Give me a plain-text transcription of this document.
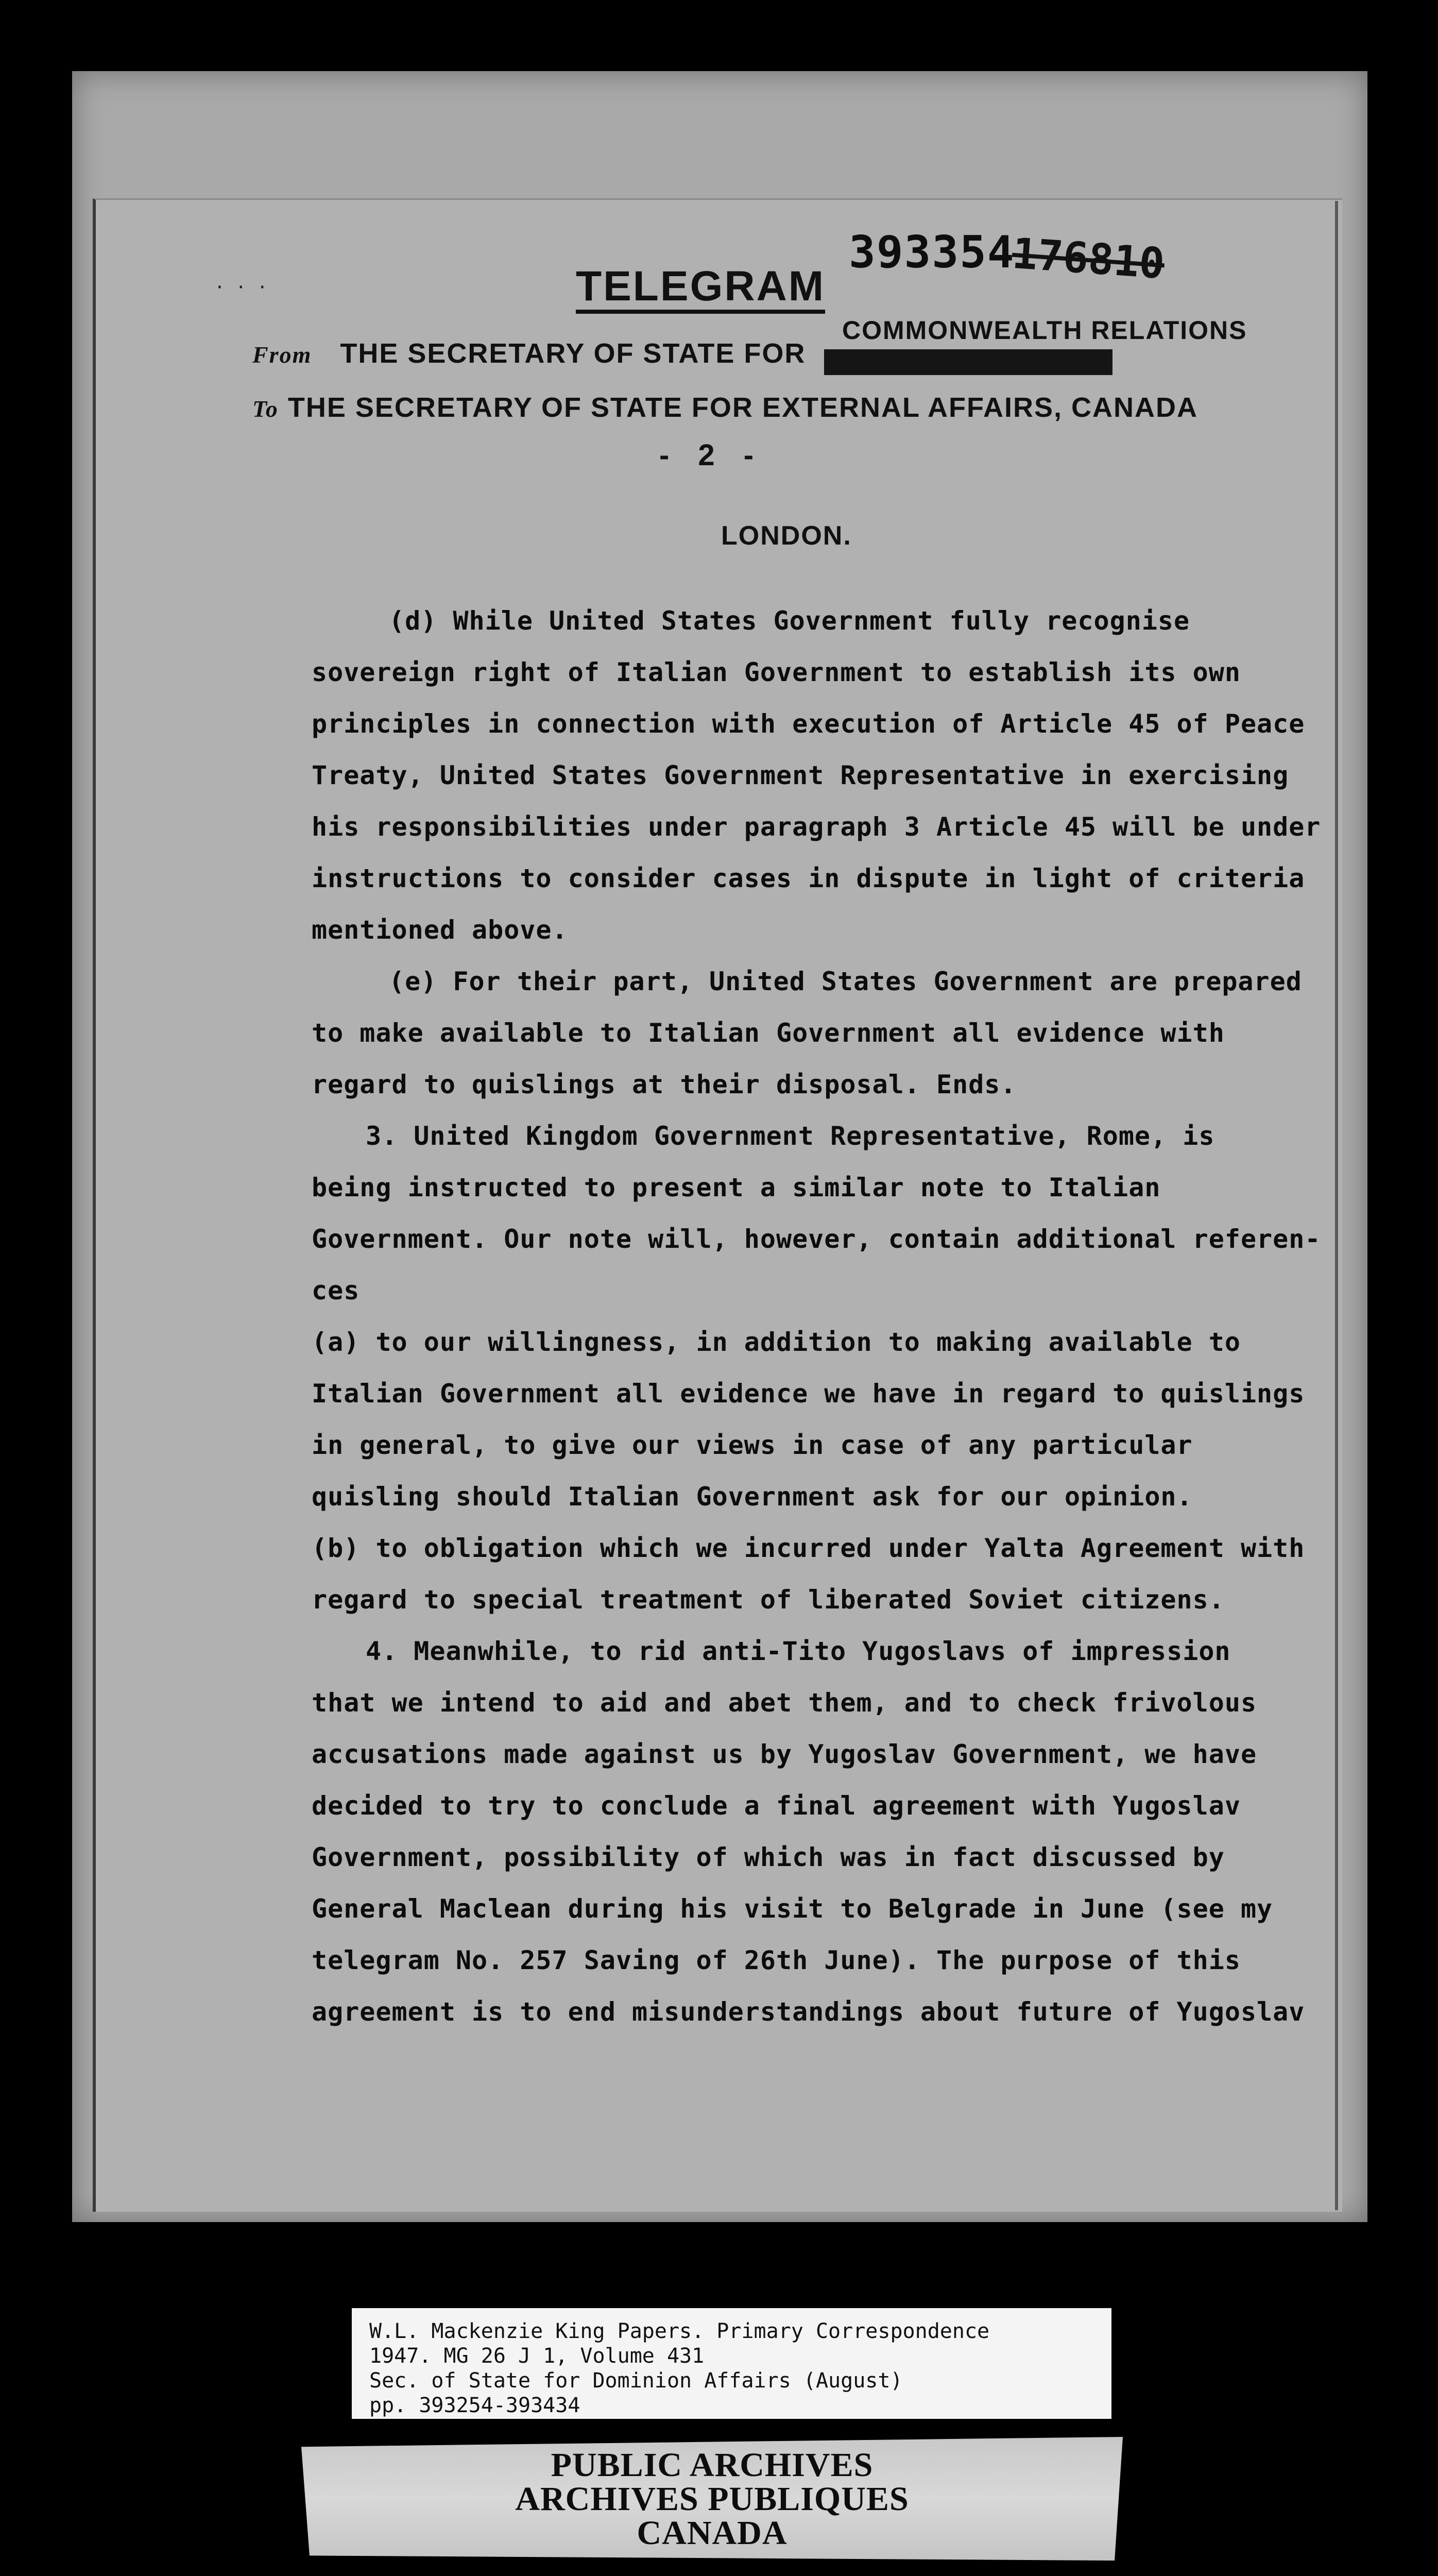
· · ·
393354
176810
TELEGRAM
COMMONWEALTH RELATIONS
From THE SECRETARY OF STATE FOR
To THE SECRETARY OF STATE FOR EXTERNAL AFFAIRS, CANADA
- 2 -
LONDON.
(d) While United States Government fully recognise
sovereign right of Italian Government to establish its own
principles in connection with execution of Article 45 of Peace
Treaty, United States Government Representative in exercising
his responsibilities under paragraph 3 Article 45 will be under
instructions to consider cases in dispute in light of criteria
mentioned above.
(e) For their part, United States Government are prepared
to make available to Italian Government all evidence with
regard to quislings at their disposal. Ends.
3. United Kingdom Government Representative, Rome, is
being instructed to present a similar note to Italian
Government. Our note will, however, contain additional referen-
ces
(a) to our willingness, in addition to making available to
Italian Government all evidence we have in regard to quislings
in general, to give our views in case of any particular
quisling should Italian Government ask for our opinion.
(b) to obligation which we incurred under Yalta Agreement with
regard to special treatment of liberated Soviet citizens.
4. Meanwhile, to rid anti-Tito Yugoslavs of impression
that we intend to aid and abet them, and to check frivolous
accusations made against us by Yugoslav Government, we have
decided to try to conclude a final agreement with Yugoslav
Government, possibility of which was in fact discussed by
General Maclean during his visit to Belgrade in June (see my
telegram No. 257 Saving of 26th June). The purpose of this
agreement is to end misunderstandings about future of Yugoslav
W.L. Mackenzie King Papers. Primary Correspondence
1947. MG 26 J 1, Volume 431
Sec. of State for Dominion Affairs (August)
pp. 393254-393434
PUBLIC ARCHIVES
ARCHIVES PUBLIQUES
CANADA
